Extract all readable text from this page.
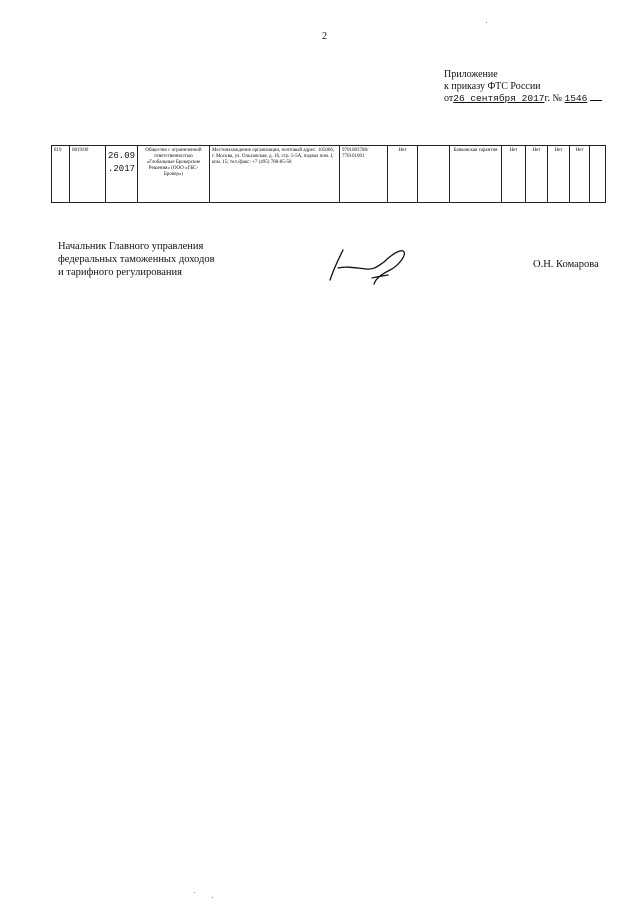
2
Приложение
к приказу ФТС России
от26 сентября 2017г. № 1546
819	0819/00	26.09.2017	Общество с ограниченной ответственностью «Глобальные Брокерские Решения» (ООО «ГБС-Брокер»)	Местонахождение организации, почтовый адрес: 105066, г. Москва, ул. Ольховская, д. 16, стр. 5-5А, подвал пом. I, ком. 15; тел./факс: +7 (495) 780-85-58	9701083788/ 770101001	Нет		Банковская гарантия	Нет	Нет	Нет	Нет	
Начальник Главного управления
федеральных таможенных доходов
и тарифного регулирования
О.Н. Комарова
